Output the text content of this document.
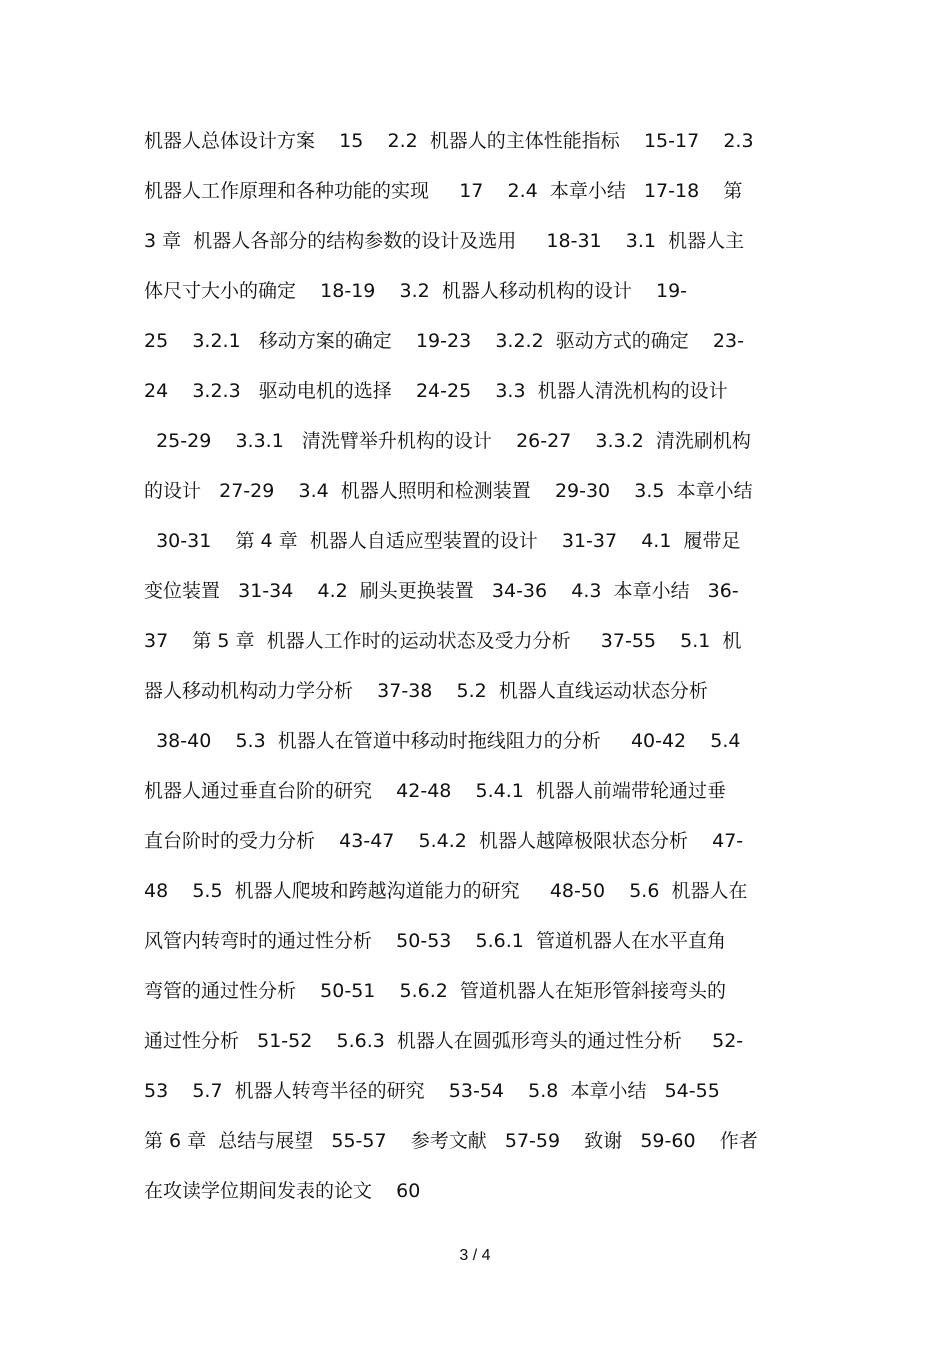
机器人总体设计方案    15    2.2  机器人的主体性能指标    15-17    2.3
机器人工作原理和各种功能的实现     17    2.4  本章小结   17-18    第
3 章  机器人各部分的结构参数的设计及选用     18-31    3.1  机器人主
体尺寸大小的确定    18-19    3.2  机器人移动机构的设计    19-
25    3.2.1   移动方案的确定    19-23    3.2.2  驱动方式的确定    23-
24    3.2.3   驱动电机的选择    24-25    3.3  机器人清洗机构的设计
25-29    3.3.1   清洗臂举升机构的设计    26-27    3.3.2  清洗刷机构
的设计   27-29    3.4  机器人照明和检测装置    29-30    3.5  本章小结
30-31    第 4 章  机器人自适应型装置的设计    31-37    4.1  履带足
变位装置   31-34    4.2  刷头更换装置   34-36    4.3  本章小结   36-
37    第 5 章  机器人工作时的运动状态及受力分析     37-55    5.1  机
器人移动机构动力学分析    37-38    5.2  机器人直线运动状态分析
38-40    5.3  机器人在管道中移动时拖线阻力的分析     40-42    5.4
机器人通过垂直台阶的研究    42-48    5.4.1  机器人前端带轮通过垂
直台阶时的受力分析    43-47    5.4.2  机器人越障极限状态分析    47-
48    5.5  机器人爬坡和跨越沟道能力的研究     48-50    5.6  机器人在
风管内转弯时的通过性分析    50-53    5.6.1  管道机器人在水平直角
弯管的通过性分析    50-51    5.6.2  管道机器人在矩形管斜接弯头的
通过性分析   51-52    5.6.3  机器人在圆弧形弯头的通过性分析     52-
53    5.7  机器人转弯半径的研究    53-54    5.8  本章小结   54-55
第 6 章  总结与展望   55-57    参考文献   57-59    致谢   59-60    作者
在攻读学位期间发表的论文    60
3 / 4
